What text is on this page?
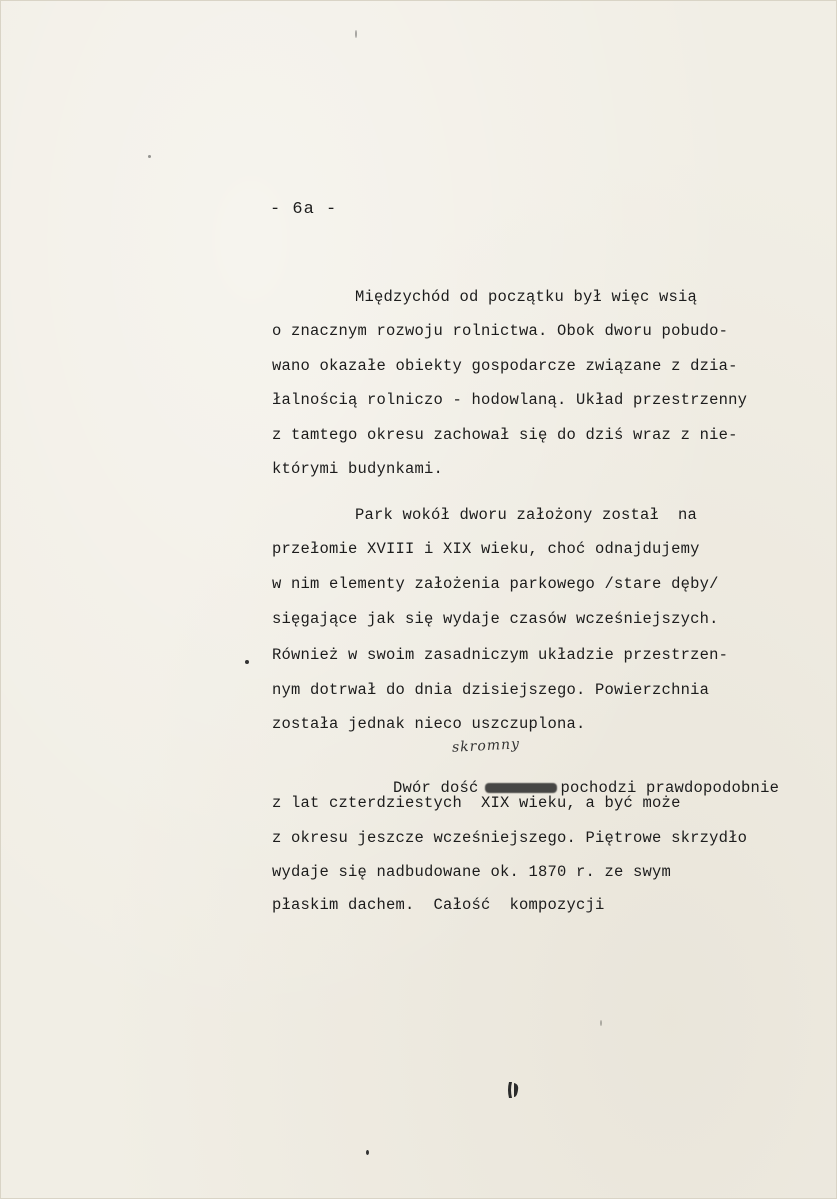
- 6a -
Międzychód od początku był więc wsią
o znacznym rozwoju rolnictwa. Obok dworu pobudo-
wano okazałe obiekty gospodarcze związane z dzia-
łalnością rolniczo - hodowlaną. Układ przestrzenny
z tamtego okresu zachował się do dziś wraz z nie-
którymi budynkami.
Park wokół dworu założony został  na
przełomie XVIII i XIX wieku, choć odnajdujemy
w nim elementy założenia parkowego /stare dęby/
sięgające jak się wydaje czasów wcześniejszych.
Również w swoim zasadniczym układzie przestrzen-
nym dotrwał do dnia dzisiejszego. Powierzchnia
została jednak nieco uszczuplona.
skromny

Dwór dość	pochodzi prawdopodobnie

z lat czterdziestych  XIX wieku, a być może
z okresu jeszcze wcześniejszego. Piętrowe skrzydło
wydaje się nadbudowane ok. 1870 r. ze swym
płaskim dachem.  Całość  kompozycji
